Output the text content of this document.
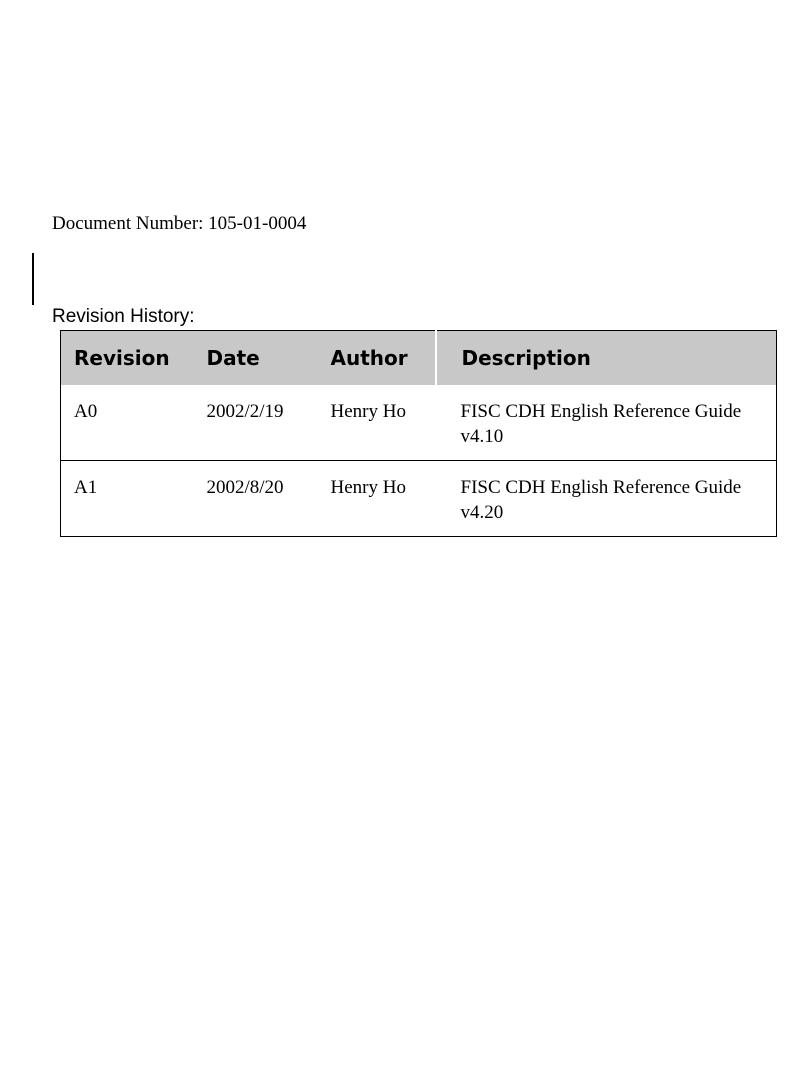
Document Number: 105-01-0004
Revision History:
Revision	Date	Author	Description
A0	2002/2/19	Henry Ho	FISC CDH English Reference Guide v4.10
A1	2002/8/20	Henry Ho	FISC CDH English Reference Guide v4.20
